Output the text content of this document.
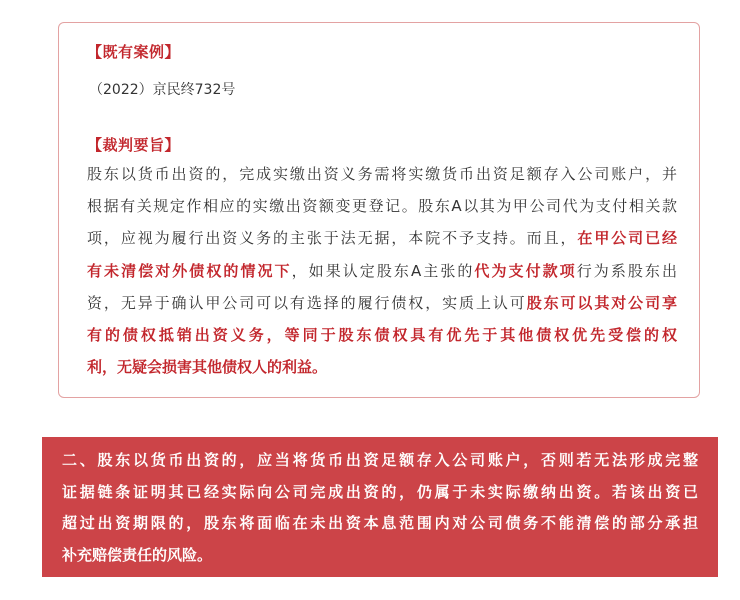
【既有案例】
（2022）京民终732号
【裁判要旨】
股东以货币出资的，完成实缴出资义务需将实缴货币出资足额存入公司账户，并
根据有关规定作相应的实缴出资额变更登记。股东A以其为甲公司代为支付相关款
项，应视为履行出资义务的主张于法无据，本院不予支持。而且，在甲公司已经
有未清偿对外债权的情况下，如果认定股东A主张的代为支付款项行为系股东出
资，无异于确认甲公司可以有选择的履行债权，实质上认可股东可以其对公司享
有的债权抵销出资义务，等同于股东债权具有优先于其他债权优先受偿的权
利，无疑会损害其他债权人的利益。
二、股东以货币出资的，应当将货币出资足额存入公司账户，否则若无法形成完整
证据链条证明其已经实际向公司完成出资的，仍属于未实际缴纳出资。若该出资已
超过出资期限的，股东将面临在未出资本息范围内对公司债务不能清偿的部分承担
补充赔偿责任的风险。
